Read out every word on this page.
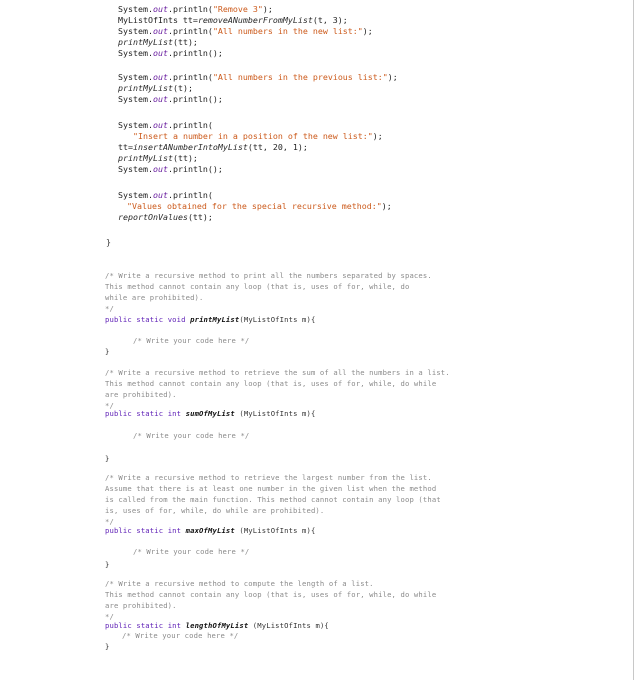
System.out.println("Remove 3");
MyListOfInts tt=removeANumberFromMyList(t, 3);
System.out.println("All numbers in the new list:");
printMyList(tt);
System.out.println();
System.out.println("All numbers in the previous list:");
printMyList(t);
System.out.println();
System.out.println(
"Insert a number in a position of the new list:");
tt=insertANumberIntoMyList(tt, 20, 1);
printMyList(tt);
System.out.println();
System.out.println(
"Values obtained for the special recursive method:");
reportOnValues(tt);
}
/* Write a recursive method to print all the numbers separated by spaces.
This method cannot contain any loop (that is, uses of for, while, do
while are prohibited).
*/
public static void printMyList(MyListOfInts m){
/* Write your code here */
}
/* Write a recursive method to retrieve the sum of all the numbers in a list.
This method cannot contain any loop (that is, uses of for, while, do while
are prohibited).
*/
public static int sumOfMyList (MyListOfInts m){
/* Write your code here */
}
/* Write a recursive method to retrieve the largest number from the list.
Assume that there is at least one number in the given list when the method
is called from the main function. This method cannot contain any loop (that
is, uses of for, while, do while are prohibited).
*/
public static int maxOfMyList (MyListOfInts m){
/* Write your code here */
}
/* Write a recursive method to compute the length of a list.
This method cannot contain any loop (that is, uses of for, while, do while
are prohibited).
*/
public static int lengthOfMyList (MyListOfInts m){
/* Write your code here */
}
